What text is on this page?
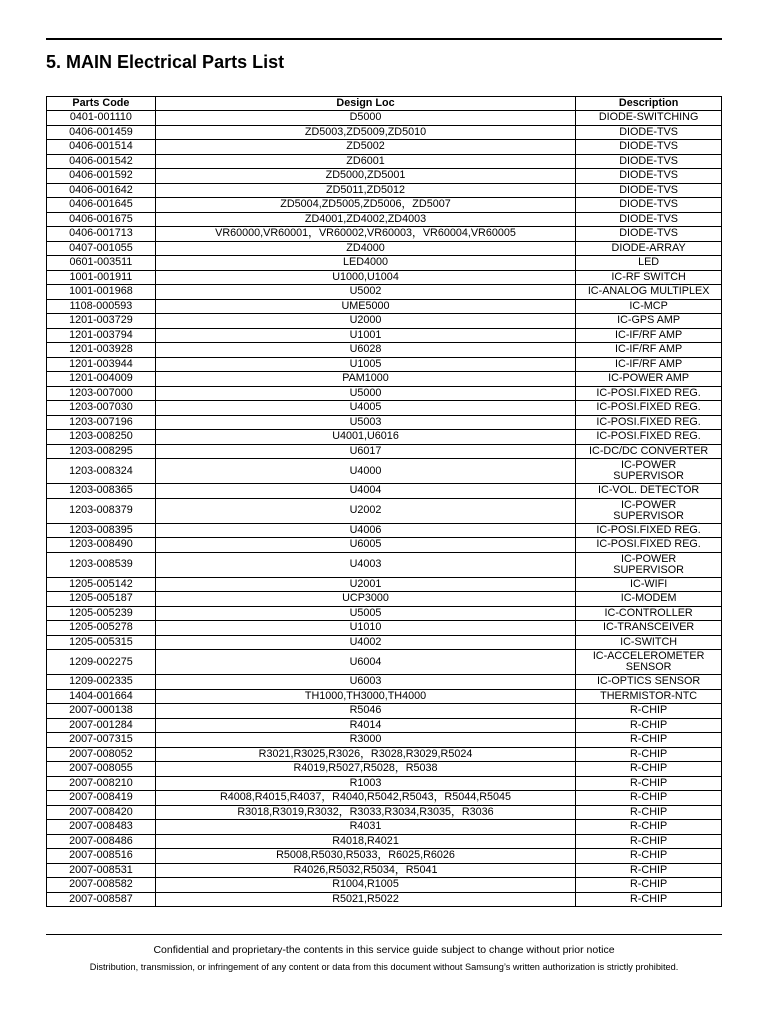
5. MAIN Electrical Parts List
Parts Code	Design Loc	Description
0401-001110	D5000	DIODE-SWITCHING
0406-001459	ZD5003,ZD5009,ZD5010	DIODE-TVS
0406-001514	ZD5002	DIODE-TVS
0406-001542	ZD6001	DIODE-TVS
0406-001592	ZD5000,ZD5001	DIODE-TVS
0406-001642	ZD5011,ZD5012	DIODE-TVS
0406-001645	ZD5004,ZD5005,ZD5006，ZD5007	DIODE-TVS
0406-001675	ZD4001,ZD4002,ZD4003	DIODE-TVS
0406-001713	VR60000,VR60001，VR60002,VR60003，VR60004,VR60005	DIODE-TVS
0407-001055	ZD4000	DIODE-ARRAY
0601-003511	LED4000	LED
1001-001911	U1000,U1004	IC-RF SWITCH
1001-001968	U5002	IC-ANALOG MULTIPLEX
1108-000593	UME5000	IC-MCP
1201-003729	U2000	IC-GPS AMP
1201-003794	U1001	IC-IF/RF AMP
1201-003928	U6028	IC-IF/RF AMP
1201-003944	U1005	IC-IF/RF AMP
1201-004009	PAM1000	IC-POWER AMP
1203-007000	U5000	IC-POSI.FIXED REG.
1203-007030	U4005	IC-POSI.FIXED REG.
1203-007196	U5003	IC-POSI.FIXED REG.
1203-008250	U4001,U6016	IC-POSI.FIXED REG.
1203-008295	U6017	IC-DC/DC CONVERTER
1203-008324	U4000	IC-POWER
SUPERVISOR
1203-008365	U4004	IC-VOL. DETECTOR
1203-008379	U2002	IC-POWER
SUPERVISOR
1203-008395	U4006	IC-POSI.FIXED REG.
1203-008490	U6005	IC-POSI.FIXED REG.
1203-008539	U4003	IC-POWER
SUPERVISOR
1205-005142	U2001	IC-WIFI
1205-005187	UCP3000	IC-MODEM
1205-005239	U5005	IC-CONTROLLER
1205-005278	U1010	IC-TRANSCEIVER
1205-005315	U4002	IC-SWITCH
1209-002275	U6004	IC-ACCELEROMETER
SENSOR
1209-002335	U6003	IC-OPTICS SENSOR
1404-001664	TH1000,TH3000,TH4000	THERMISTOR-NTC
2007-000138	R5046	R-CHIP
2007-001284	R4014	R-CHIP
2007-007315	R3000	R-CHIP
2007-008052	R3021,R3025,R3026，R3028,R3029,R5024	R-CHIP
2007-008055	R4019,R5027,R5028，R5038	R-CHIP
2007-008210	R1003	R-CHIP
2007-008419	R4008,R4015,R4037，R4040,R5042,R5043，R5044,R5045	R-CHIP
2007-008420	R3018,R3019,R3032，R3033,R3034,R3035，R3036	R-CHIP
2007-008483	R4031	R-CHIP
2007-008486	R4018,R4021	R-CHIP
2007-008516	R5008,R5030,R5033，R6025,R6026	R-CHIP
2007-008531	R4026,R5032,R5034，R5041	R-CHIP
2007-008582	R1004,R1005	R-CHIP
2007-008587	R5021,R5022	R-CHIP
Confidential and proprietary-the contents in this service guide subject to change without prior notice
Distribution, transmission, or infringement of any content or data from this document without Samsung’s written authorization is strictly prohibited.
